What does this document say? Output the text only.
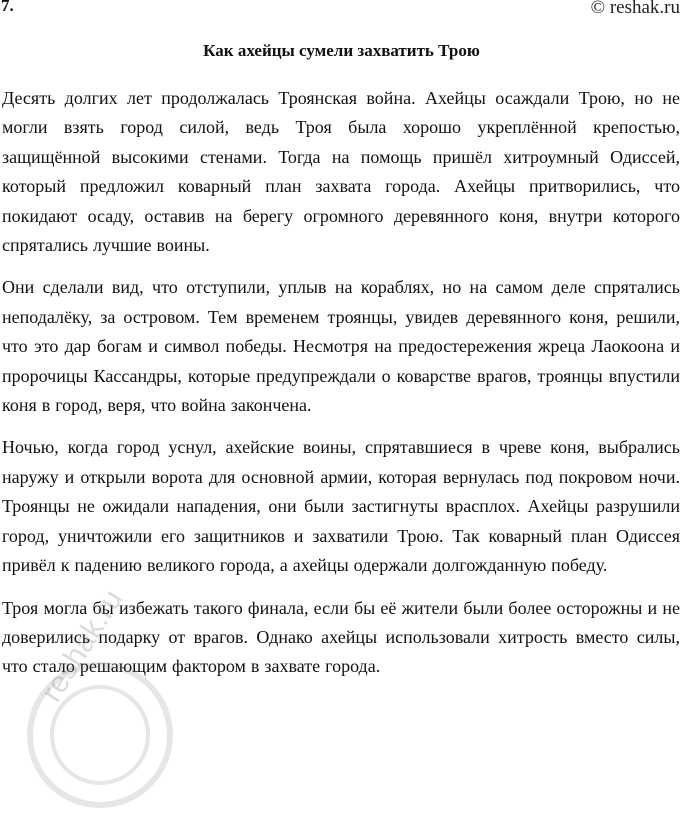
7.	© reshak.ru
Как ахейцы сумели захватить Трою

Десять долгих лет продолжалась Троянская война. Ахейцы осаждали Трою, но не могли взять город силой, ведь Троя была хорошо укреплённой крепостью, защищённой высокими стенами. Тогда на помощь пришёл хитроумный Одиссей, который предложил коварный план захвата города. Ахейцы притворились, что покидают осаду, оставив на берегу огромного деревянного коня, внутри которого спрятались лучшие воины.

Они сделали вид, что отступили, уплыв на кораблях, но на самом деле спрятались неподалёку, за островом. Тем временем троянцы, увидев деревянного коня, решили, что это дар богам и символ победы. Несмотря на предостережения жреца Лаокоона и пророчицы Кассандры, которые предупреждали о коварстве врагов, троянцы впустили коня в город, веря, что война закончена.

Ночью, когда город уснул, ахейские воины, спрятавшиеся в чреве коня, выбрались наружу и открыли ворота для основной армии, которая вернулась под покровом ночи. Троянцы не ожидали нападения, они были застигнуты врасплох. Ахейцы разрушили город, уничтожили его защитников и захватили Трою. Так коварный план Одиссея привёл к падению великого города, а ахейцы одержали долгожданную победу.

Троя могла бы избежать такого финала, если бы её жители были более осторожны и не доверились подарку от врагов. Однако ахейцы использовали хитрость вместо силы, что стало решающим фактором в захвате города.

reshak.ru
